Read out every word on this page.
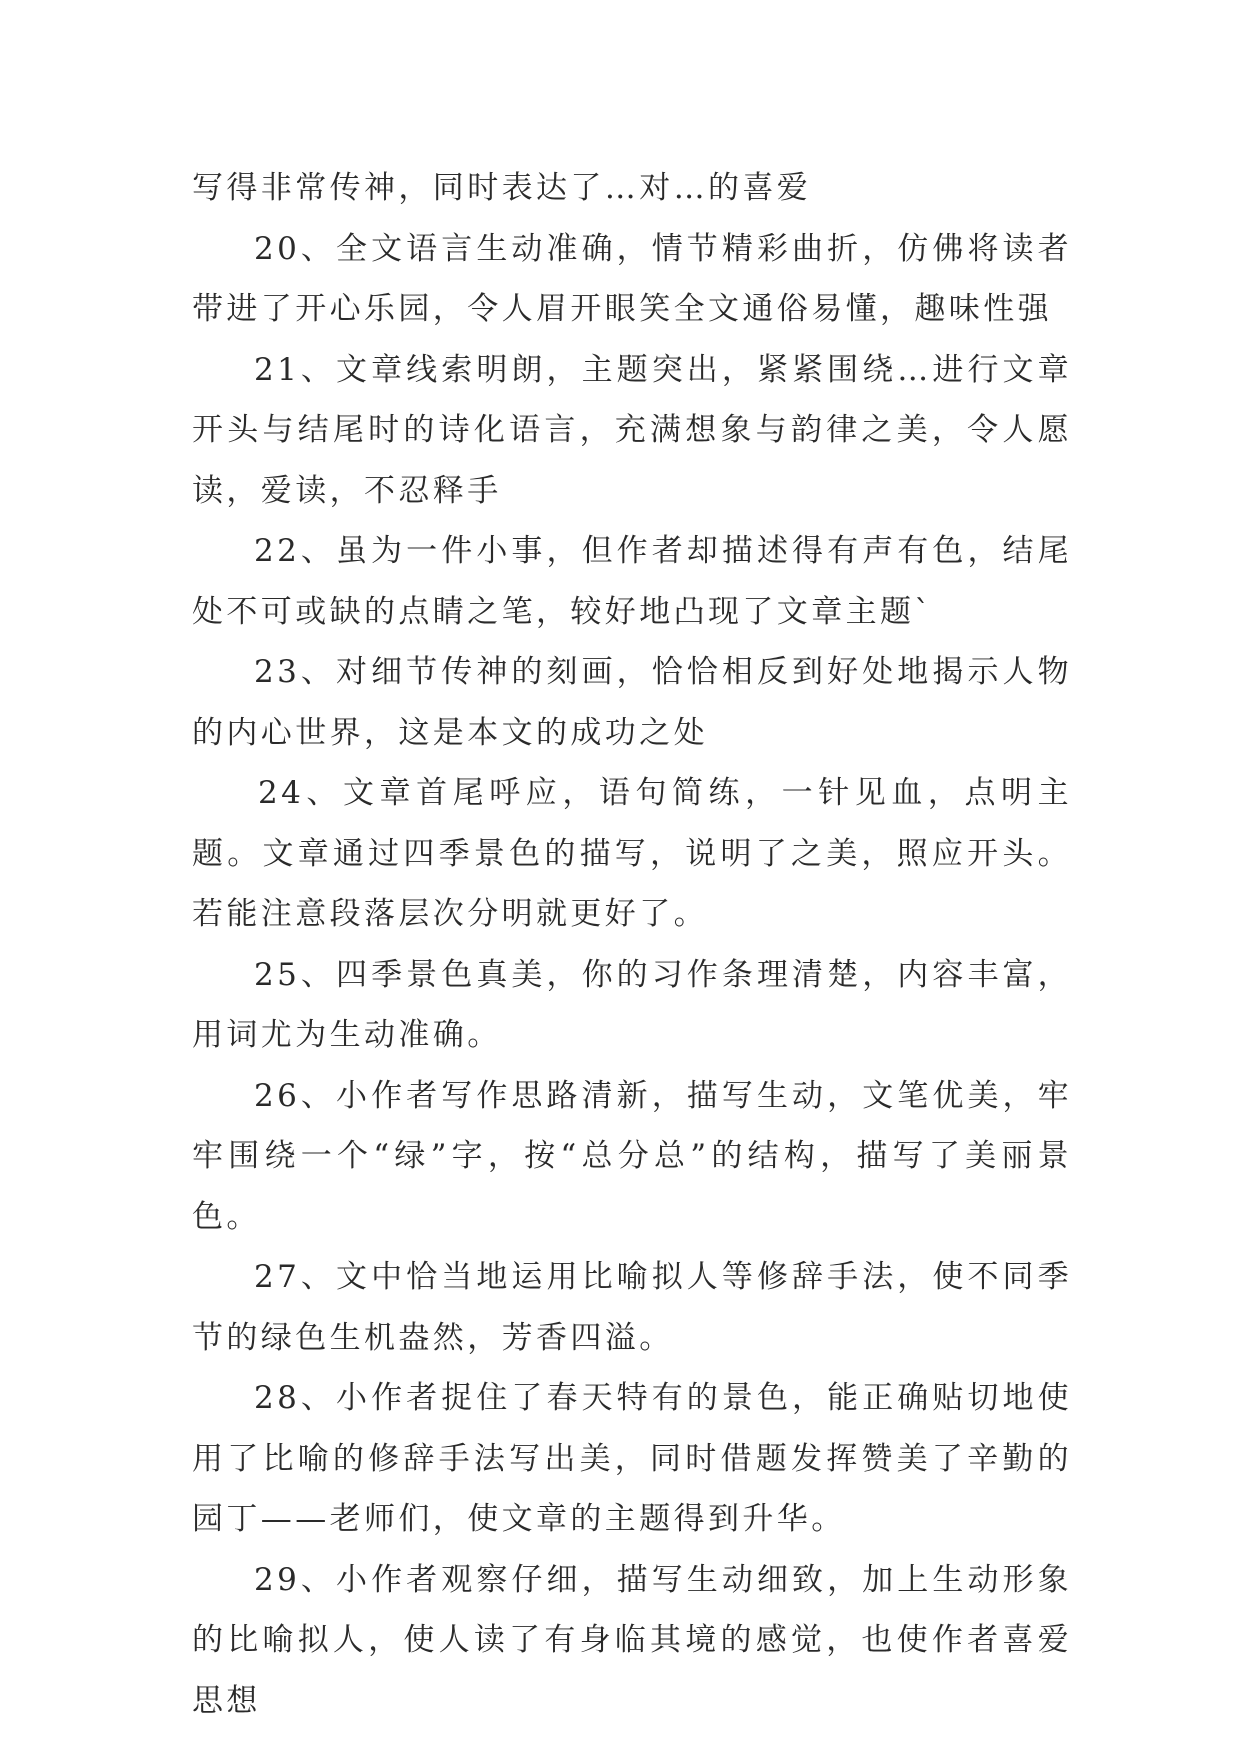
写得非常传神，同时表达了…对…的喜爱

20、全文语言生动准确，情节精彩曲折，仿佛将读者带进了开心乐园，令人眉开眼笑全文通俗易懂，趣味性强

21、文章线索明朗，主题突出，紧紧围绕…进行文章开头与结尾时的诗化语言，充满想象与韵律之美，令人愿读，爱读，不忍释手

22、虽为一件小事，但作者却描述得有声有色，结尾处不可或缺的点睛之笔，较好地凸现了文章主题`

23、对细节传神的刻画，恰恰相反到好处地揭示人物的内心世界，这是本文的成功之处

24、文章首尾呼应，语句简练，一针见血，点明主题。文章通过四季景色的描写，说明了之美，照应开头。若能注意段落层次分明就更好了。

25、四季景色真美，你的习作条理清楚，内容丰富，用词尤为生动准确。

26、小作者写作思路清新，描写生动，文笔优美，牢牢围绕一个“绿”字，按“总分总”的结构，描写了美丽景色。

27、文中恰当地运用比喻拟人等修辞手法，使不同季节的绿色生机盎然，芳香四溢。

28、小作者捉住了春天特有的景色，能正确贴切地使用了比喻的修辞手法写出美，同时借题发挥赞美了辛勤的园丁——老师们，使文章的主题得到升华。

29、小作者观察仔细，描写生动细致，加上生动形象的比喻拟人，使人读了有身临其境的感觉，也使作者喜爱思想
